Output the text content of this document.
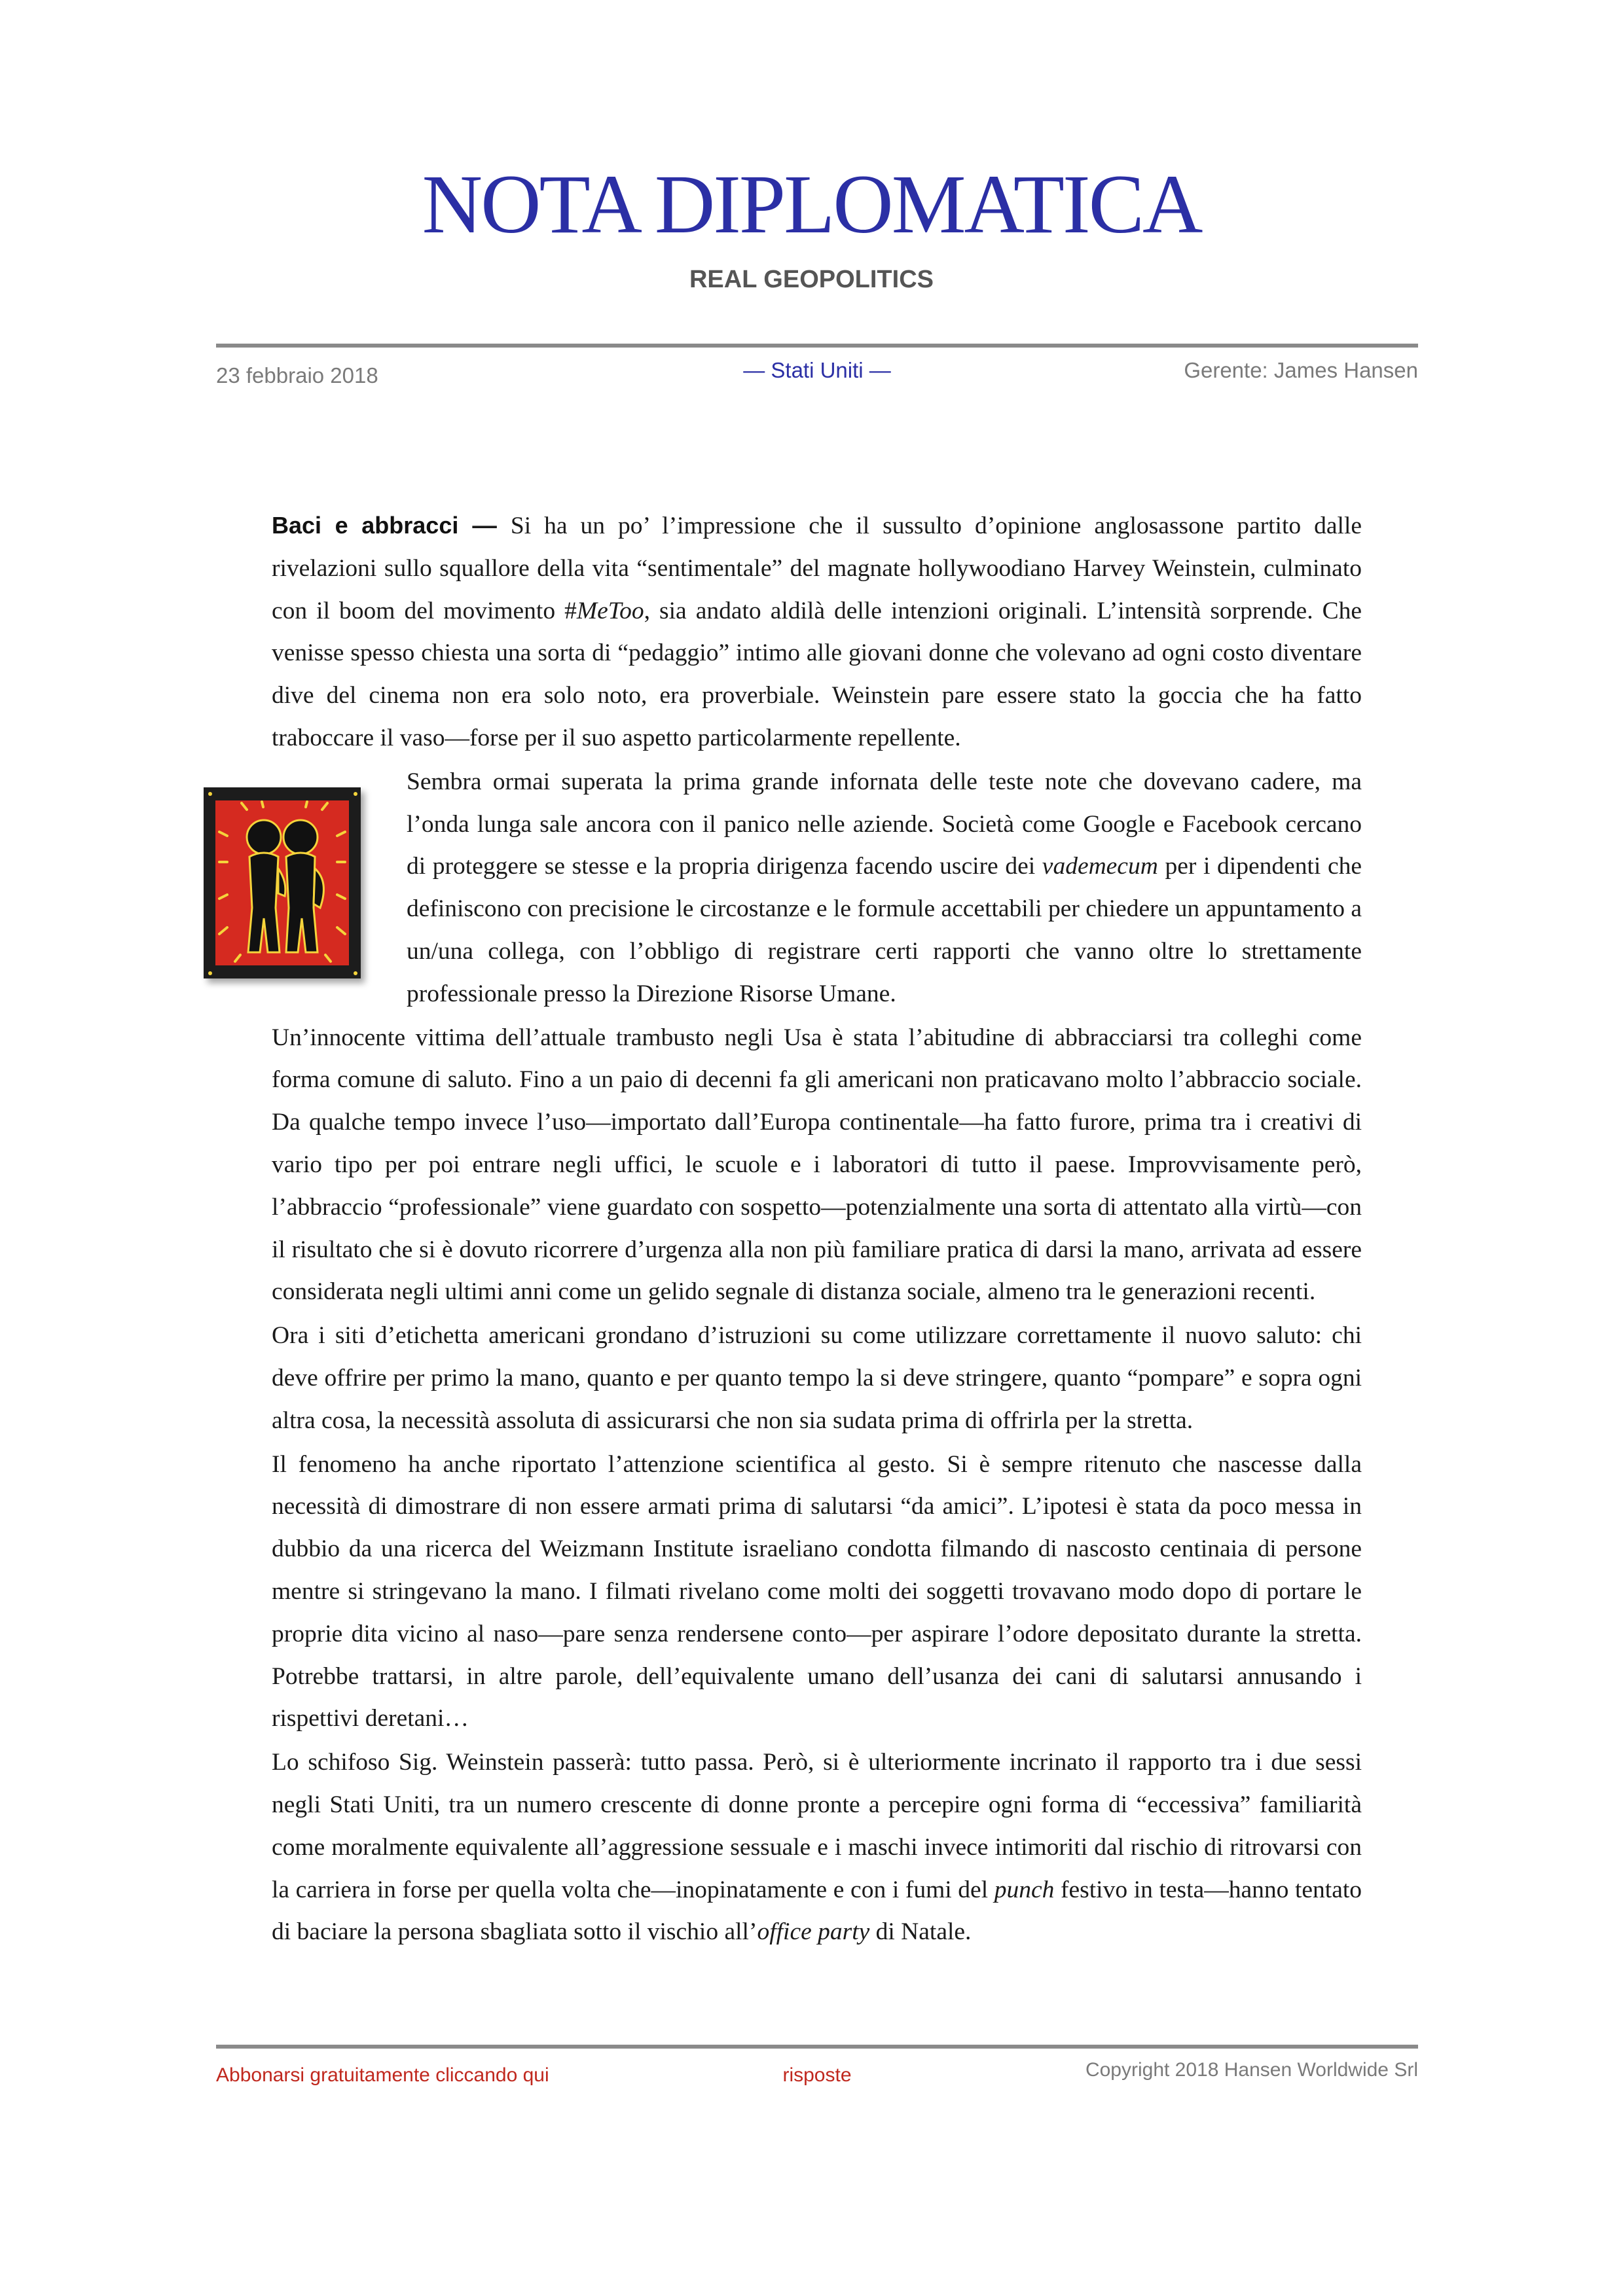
NOTA DIPLOMATICA
REAL GEOPOLITICS
23 febbraio 2018	— Stati Uniti —	Gerente: James Hansen

Baci e abbracci — Si ha un po’ l’impressione che il sussulto d’opinione anglosassone partito dalle rivelazioni sullo squallore della vita “sentimentale” del magnate hollywoodiano Harvey Weinstein, culminato con il boom del movimento #MeToo, sia andato aldilà delle intenzioni originali. L’intensità sorprende. Che venisse spesso chiesta una sorta di “pedaggio” intimo alle giovani donne che volevano ad ogni costo diventare dive del cinema non era solo noto, era proverbiale. Weinstein pare essere stato la goccia che ha fatto traboccare il vaso—forse per il suo aspetto particolarmente repellente.

Sembra ormai superata la prima grande infornata delle teste note che dovevano cadere, ma l’onda lunga sale ancora con il panico nelle aziende. Società come Google e Facebook cercano di proteggere se stesse e la propria dirigenza facendo uscire dei vademecum per i dipendenti che definiscono con precisione le circostanze e le formule accettabili per chiedere un appuntamento a un/una collega, con l’obbligo di registrare certi rapporti che vanno oltre lo strettamente professionale presso la Direzione Risorse Umane.

Un’innocente vittima dell’attuale trambusto negli Usa è stata l’abitudine di abbracciarsi tra colleghi come forma comune di saluto. Fino a un paio di decenni fa gli americani non praticavano molto l’abbraccio sociale. Da qualche tempo invece l’uso—importato dall’Europa continentale—ha fatto furore, prima tra i creativi di vario tipo per poi entrare negli uffici, le scuole e i laboratori di tutto il paese. Improvvisamente però, l’abbraccio “professionale” viene guardato con sospetto—potenzialmente una sorta di attentato alla virtù—con il risultato che si è dovuto ricorrere d’urgenza alla non più familiare pratica di darsi la mano, arrivata ad essere considerata negli ultimi anni come un gelido segnale di distanza sociale, almeno tra le generazioni recenti.

Ora i siti d’etichetta americani grondano d’istruzioni su come utilizzare correttamente il nuovo saluto: chi deve offrire per primo la mano, quanto e per quanto tempo la si deve stringere, quanto “pompare” e sopra ogni altra cosa, la necessità assoluta di assicurarsi che non sia sudata prima di offrirla per la stretta.

Il fenomeno ha anche riportato l’attenzione scientifica al gesto. Si è sempre ritenuto che nascesse dalla necessità di dimostrare di non essere armati prima di salutarsi “da amici”. L’ipotesi è stata da poco messa in dubbio da una ricerca del Weizmann Institute israeliano condotta filmando di nascosto centinaia di persone mentre si stringevano la mano. I filmati rivelano come molti dei soggetti trovavano modo dopo di portare le proprie dita vicino al naso—pare senza rendersene conto—per aspirare l’odore depositato durante la stretta. Potrebbe trattarsi, in altre parole, dell’equivalente umano dell’usanza dei cani di salutarsi annusando i rispettivi deretani…

Lo schifoso Sig. Weinstein passerà: tutto passa. Però, si è ulteriormente incrinato il rapporto tra i due sessi negli Stati Uniti, tra un numero crescente di donne pronte a percepire ogni forma di “eccessiva” familiarità come moralmente equivalente all’aggressione sessuale e i maschi invece intimoriti dal rischio di ritrovarsi con la carriera in forse per quella volta che—inopinatamente e con i fumi del punch festivo in testa—hanno tentato di baciare la persona sbagliata sotto il vischio all’office party di Natale.

Abbonarsi gratuitamente cliccando qui	risposte	Copyright 2018 Hansen Worldwide Srl
